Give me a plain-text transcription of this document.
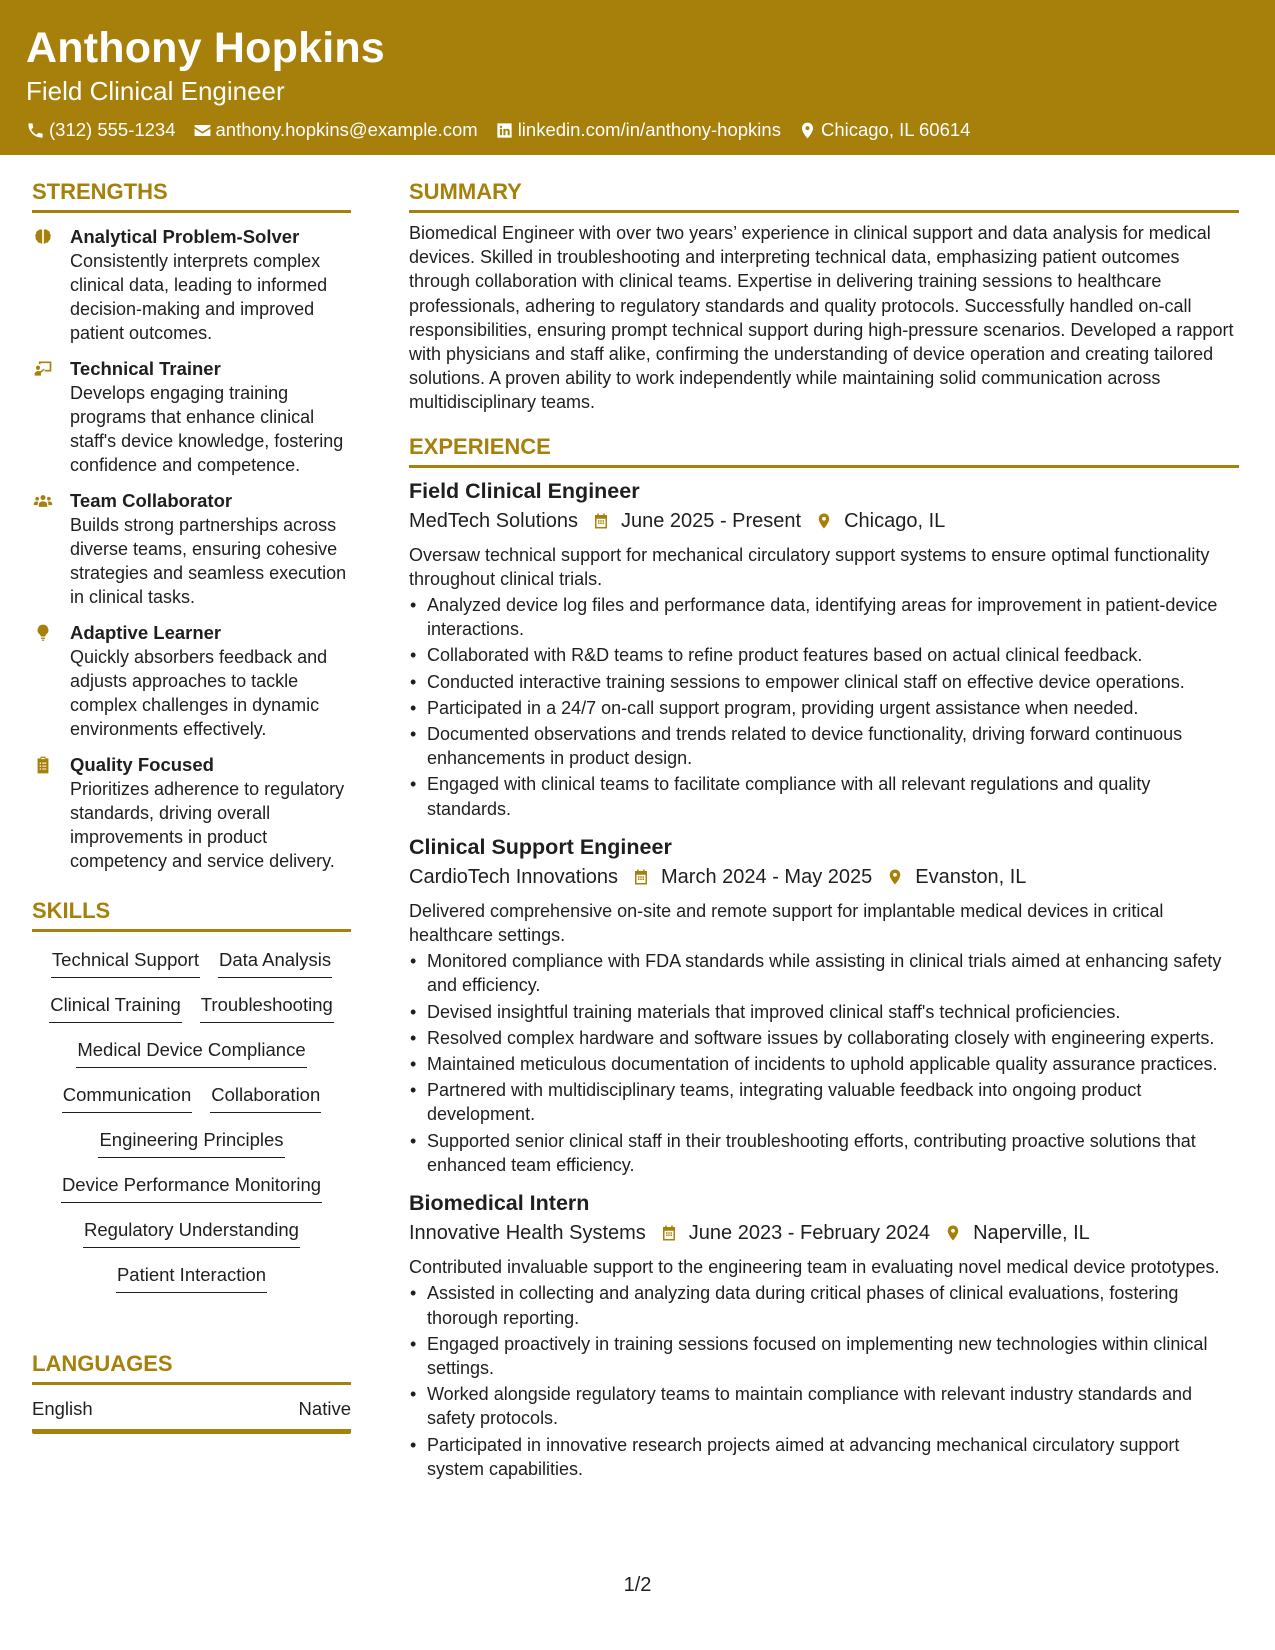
Anthony Hopkins
Field Clinical Engineer
(312) 555-1234 anthony.hopkins@example.com linkedin.com/in/anthony-hopkins Chicago, IL 60614
STRENGTHS
Analytical Problem-Solver
Consistently interprets complex clinical data, leading to informed decision-making and improved patient outcomes.
Technical Trainer
Develops engaging training programs that enhance clinical staff's device knowledge, fostering confidence and competence.
Team Collaborator
Builds strong partnerships across diverse teams, ensuring cohesive strategies and seamless execution in clinical tasks.
Adaptive Learner
Quickly absorbers feedback and adjusts approaches to tackle complex challenges in dynamic environments effectively.
Quality Focused
Prioritizes adherence to regulatory standards, driving overall improvements in product competency and service delivery.
SKILLS
Technical Support Data Analysis
Clinical Training Troubleshooting
Medical Device Compliance
Communication Collaboration
Engineering Principles
Device Performance Monitoring
Regulatory Understanding
Patient Interaction
LANGUAGES
English	Native
SUMMARY
Biomedical Engineer with over two years’ experience in clinical support and data analysis for medical devices. Skilled in troubleshooting and interpreting technical data, emphasizing patient outcomes through collaboration with clinical teams. Expertise in delivering training sessions to healthcare professionals, adhering to regulatory standards and quality protocols. Successfully handled on-call responsibilities, ensuring prompt technical support during high-pressure scenarios. Developed a rapport with physicians and staff alike, confirming the understanding of device operation and creating tailored solutions. A proven ability to work independently while maintaining solid communication across multidisciplinary teams.
EXPERIENCE
Field Clinical Engineer
MedTech Solutions June 2025 - Present Chicago, IL
Oversaw technical support for mechanical circulatory support systems to ensure optimal functionality throughout clinical trials.
• Analyzed device log files and performance data, identifying areas for improvement in patient-device interactions.
• Collaborated with R&D teams to refine product features based on actual clinical feedback.
• Conducted interactive training sessions to empower clinical staff on effective device operations.
• Participated in a 24/7 on-call support program, providing urgent assistance when needed.
• Documented observations and trends related to device functionality, driving forward continuous enhancements in product design.
• Engaged with clinical teams to facilitate compliance with all relevant regulations and quality standards.
Clinical Support Engineer
CardioTech Innovations March 2024 - May 2025 Evanston, IL
Delivered comprehensive on-site and remote support for implantable medical devices in critical healthcare settings.
• Monitored compliance with FDA standards while assisting in clinical trials aimed at enhancing safety and efficiency.
• Devised insightful training materials that improved clinical staff's technical proficiencies.
• Resolved complex hardware and software issues by collaborating closely with engineering experts.
• Maintained meticulous documentation of incidents to uphold applicable quality assurance practices.
• Partnered with multidisciplinary teams, integrating valuable feedback into ongoing product development.
• Supported senior clinical staff in their troubleshooting efforts, contributing proactive solutions that enhanced team efficiency.
Biomedical Intern
Innovative Health Systems June 2023 - February 2024 Naperville, IL
Contributed invaluable support to the engineering team in evaluating novel medical device prototypes.
• Assisted in collecting and analyzing data during critical phases of clinical evaluations, fostering thorough reporting.
• Engaged proactively in training sessions focused on implementing new technologies within clinical settings.
• Worked alongside regulatory teams to maintain compliance with relevant industry standards and safety protocols.
• Participated in innovative research projects aimed at advancing mechanical circulatory support system capabilities.
1/2
